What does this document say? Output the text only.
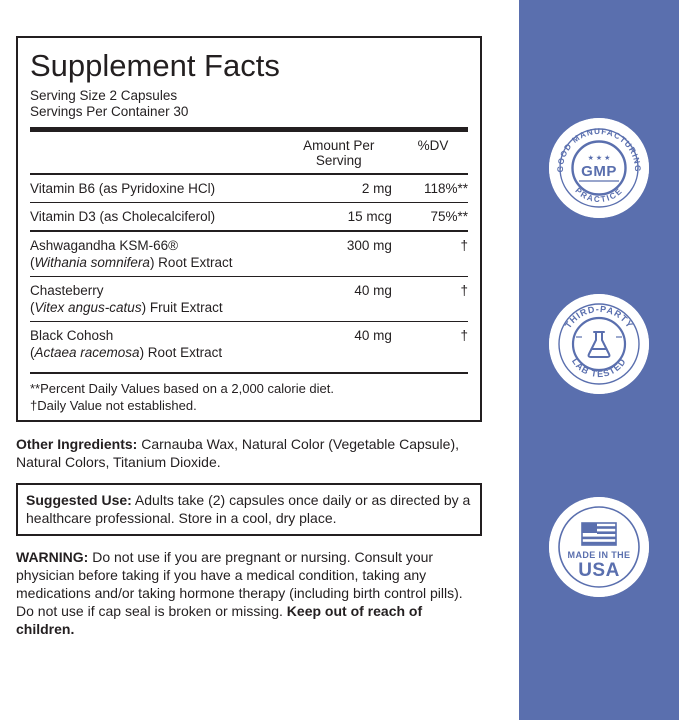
Supplement Facts
Serving Size 2 Capsules
Servings Per Container 30
	Amount Per Serving	%DV

Vitamin B6 (as Pyridoxine HCl)	2 mg	118%**

Vitamin D3 (as Cholecalciferol)	15 mcg	75%**

Ashwagandha KSM-66®
(Withania somnifera) Root Extract	300 mg	†

Chasteberry
(Vitex angus-catus) Fruit Extract	40 mg	†

Black Cohosh
(Actaea racemosa) Root Extract	40 mg	†
**Percent Daily Values based on a 2,000 calorie diet.
†Daily Value not established.
Other Ingredients: Carnauba Wax, Natural Color (Vegetable Capsule), Natural Colors, Titanium Dioxide.
Suggested Use: Adults take (2) capsules once daily or as directed by a healthcare professional. Store in a cool, dry place.
WARNING: Do not use if you are pregnant or nursing. Consult your physician before taking if you have a medical condition, taking any medications and/or taking hormone therapy (including birth control pills). Do not use if cap seal is broken or missing. Keep out of reach of children.
GOOD MANUFACTURING
PRACTICE
★ ★ ★
GMP
THIRD-PARTY
LAB TESTED
MADE IN THE
USA
